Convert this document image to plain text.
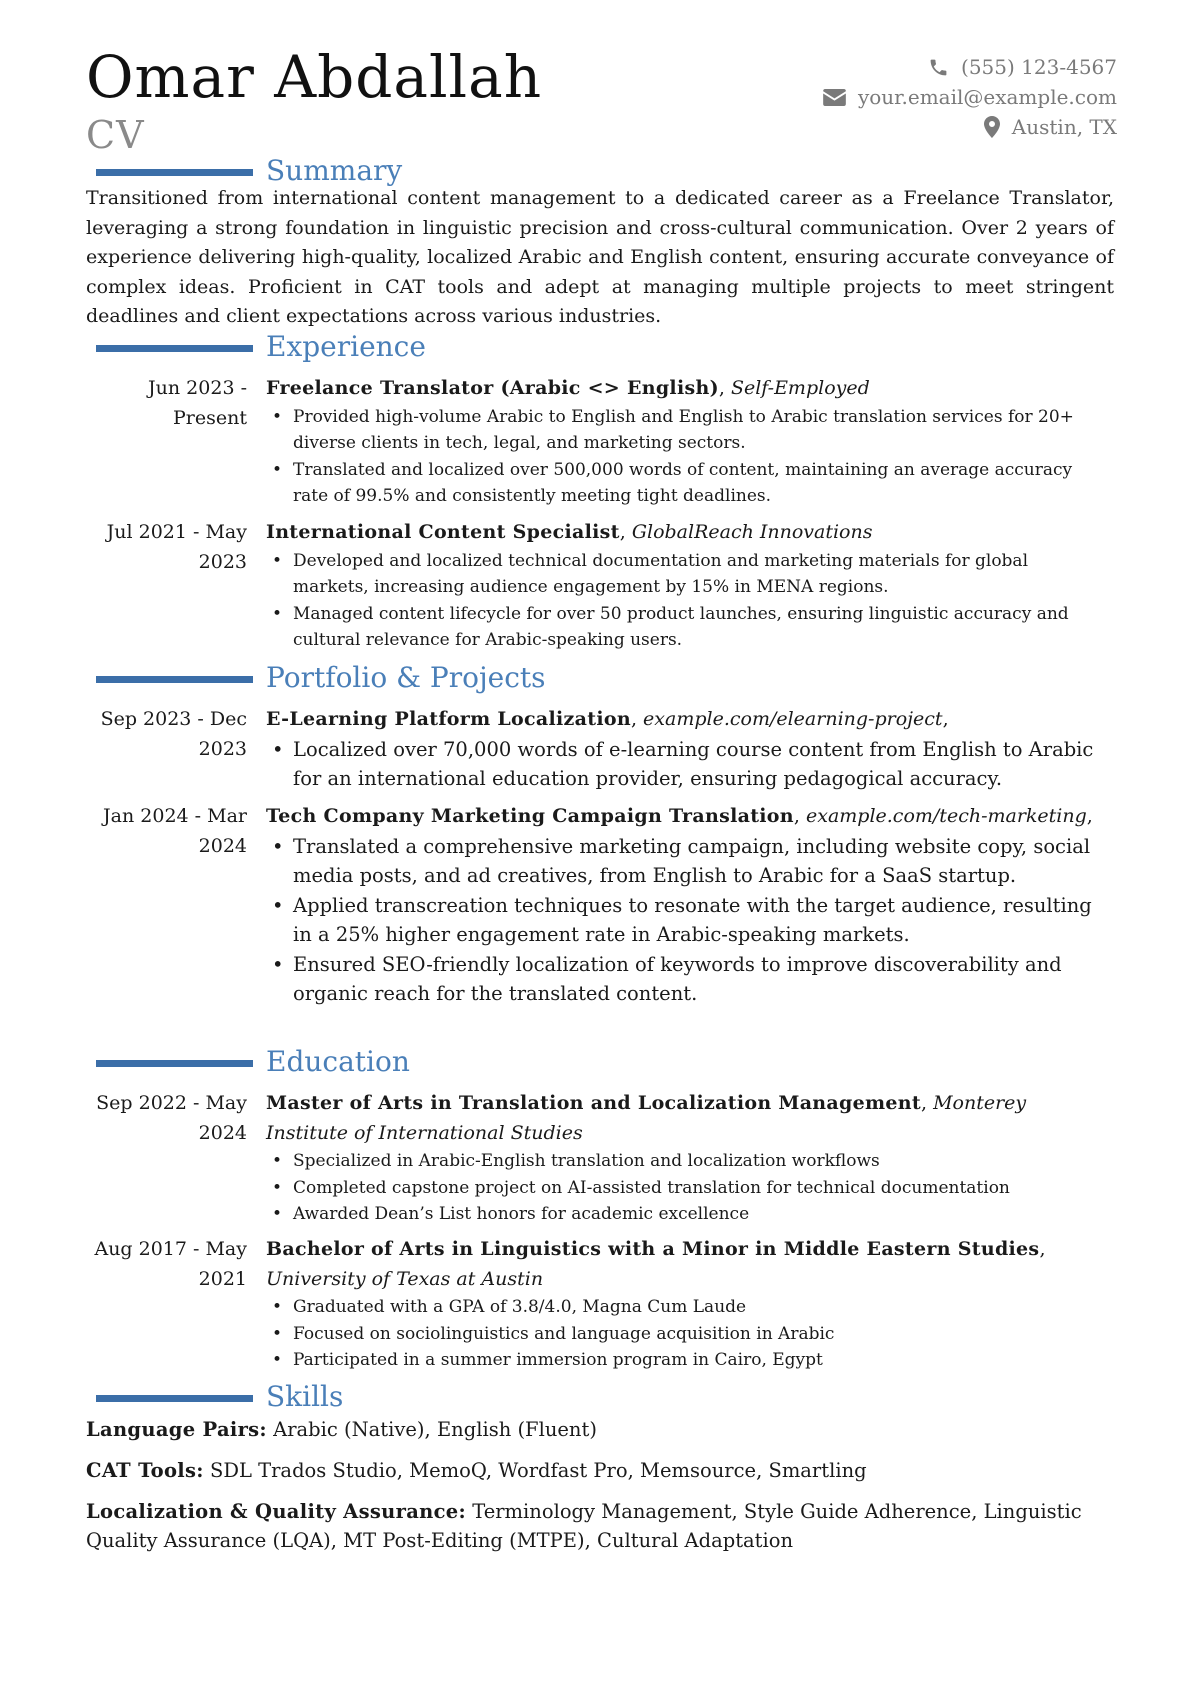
Omar Abdallah
CV
(555) 123-4567
your.email@example.com
Austin, TX
Summary

Transitioned from international content management to a dedicated career as a Freelance Translator, leveraging a strong foundation in linguistic precision and cross-cultural communication. Over 2 years of experience delivering high-quality, localized Arabic and English content, ensuring accurate conveyance of complex ideas. Proficient in CAT tools and adept at managing multiple projects to meet stringent deadlines and client expectations across various industries.

Experience
Jun 2023 - Present
Freelance Translator (Arabic <> English), Self-Employed
• Provided high-volume Arabic to English and English to Arabic translation services for 20+ diverse clients in tech, legal, and marketing sectors.
• Translated and localized over 500,000 words of content, maintaining an average accuracy rate of 99.5% and consistently meeting tight deadlines.
Jul 2021 - May 2023
International Content Specialist, GlobalReach Innovations
• Developed and localized technical documentation and marketing materials for global markets, increasing audience engagement by 15% in MENA regions.
• Managed content lifecycle for over 50 product launches, ensuring linguistic accuracy and cultural relevance for Arabic-speaking users.
Portfolio & Projects
Sep 2023 - Dec 2023
E-Learning Platform Localization, example.com/elearning-project,
• Localized over 70,000 words of e-learning course content from English to Arabic for an international education provider, ensuring pedagogical accuracy.
Jan 2024 - Mar 2024
Tech Company Marketing Campaign Translation, example.com/tech-marketing,
• Translated a comprehensive marketing campaign, including website copy, social media posts, and ad creatives, from English to Arabic for a SaaS startup.
• Applied transcreation techniques to resonate with the target audience, resulting in a 25% higher engagement rate in Arabic-speaking markets.
• Ensured SEO-friendly localization of keywords to improve discoverability and organic reach for the translated content.
Education
Sep 2022 - May 2024
Master of Arts in Translation and Localization Management, Monterey Institute of International Studies
• Specialized in Arabic-English translation and localization workflows
• Completed capstone project on AI-assisted translation for technical documentation
• Awarded Dean’s List honors for academic excellence
Aug 2017 - May 2021
Bachelor of Arts in Linguistics with a Minor in Middle Eastern Studies, University of Texas at Austin
• Graduated with a GPA of 3.8/4.0, Magna Cum Laude
• Focused on sociolinguistics and language acquisition in Arabic
• Participated in a summer immersion program in Cairo, Egypt
Skills
Language Pairs: Arabic (Native), English (Fluent)
CAT Tools: SDL Trados Studio, MemoQ, Wordfast Pro, Memsource, Smartling
Localization & Quality Assurance: Terminology Management, Style Guide Adherence, Linguistic Quality Assurance (LQA), MT Post-Editing (MTPE), Cultural Adaptation
